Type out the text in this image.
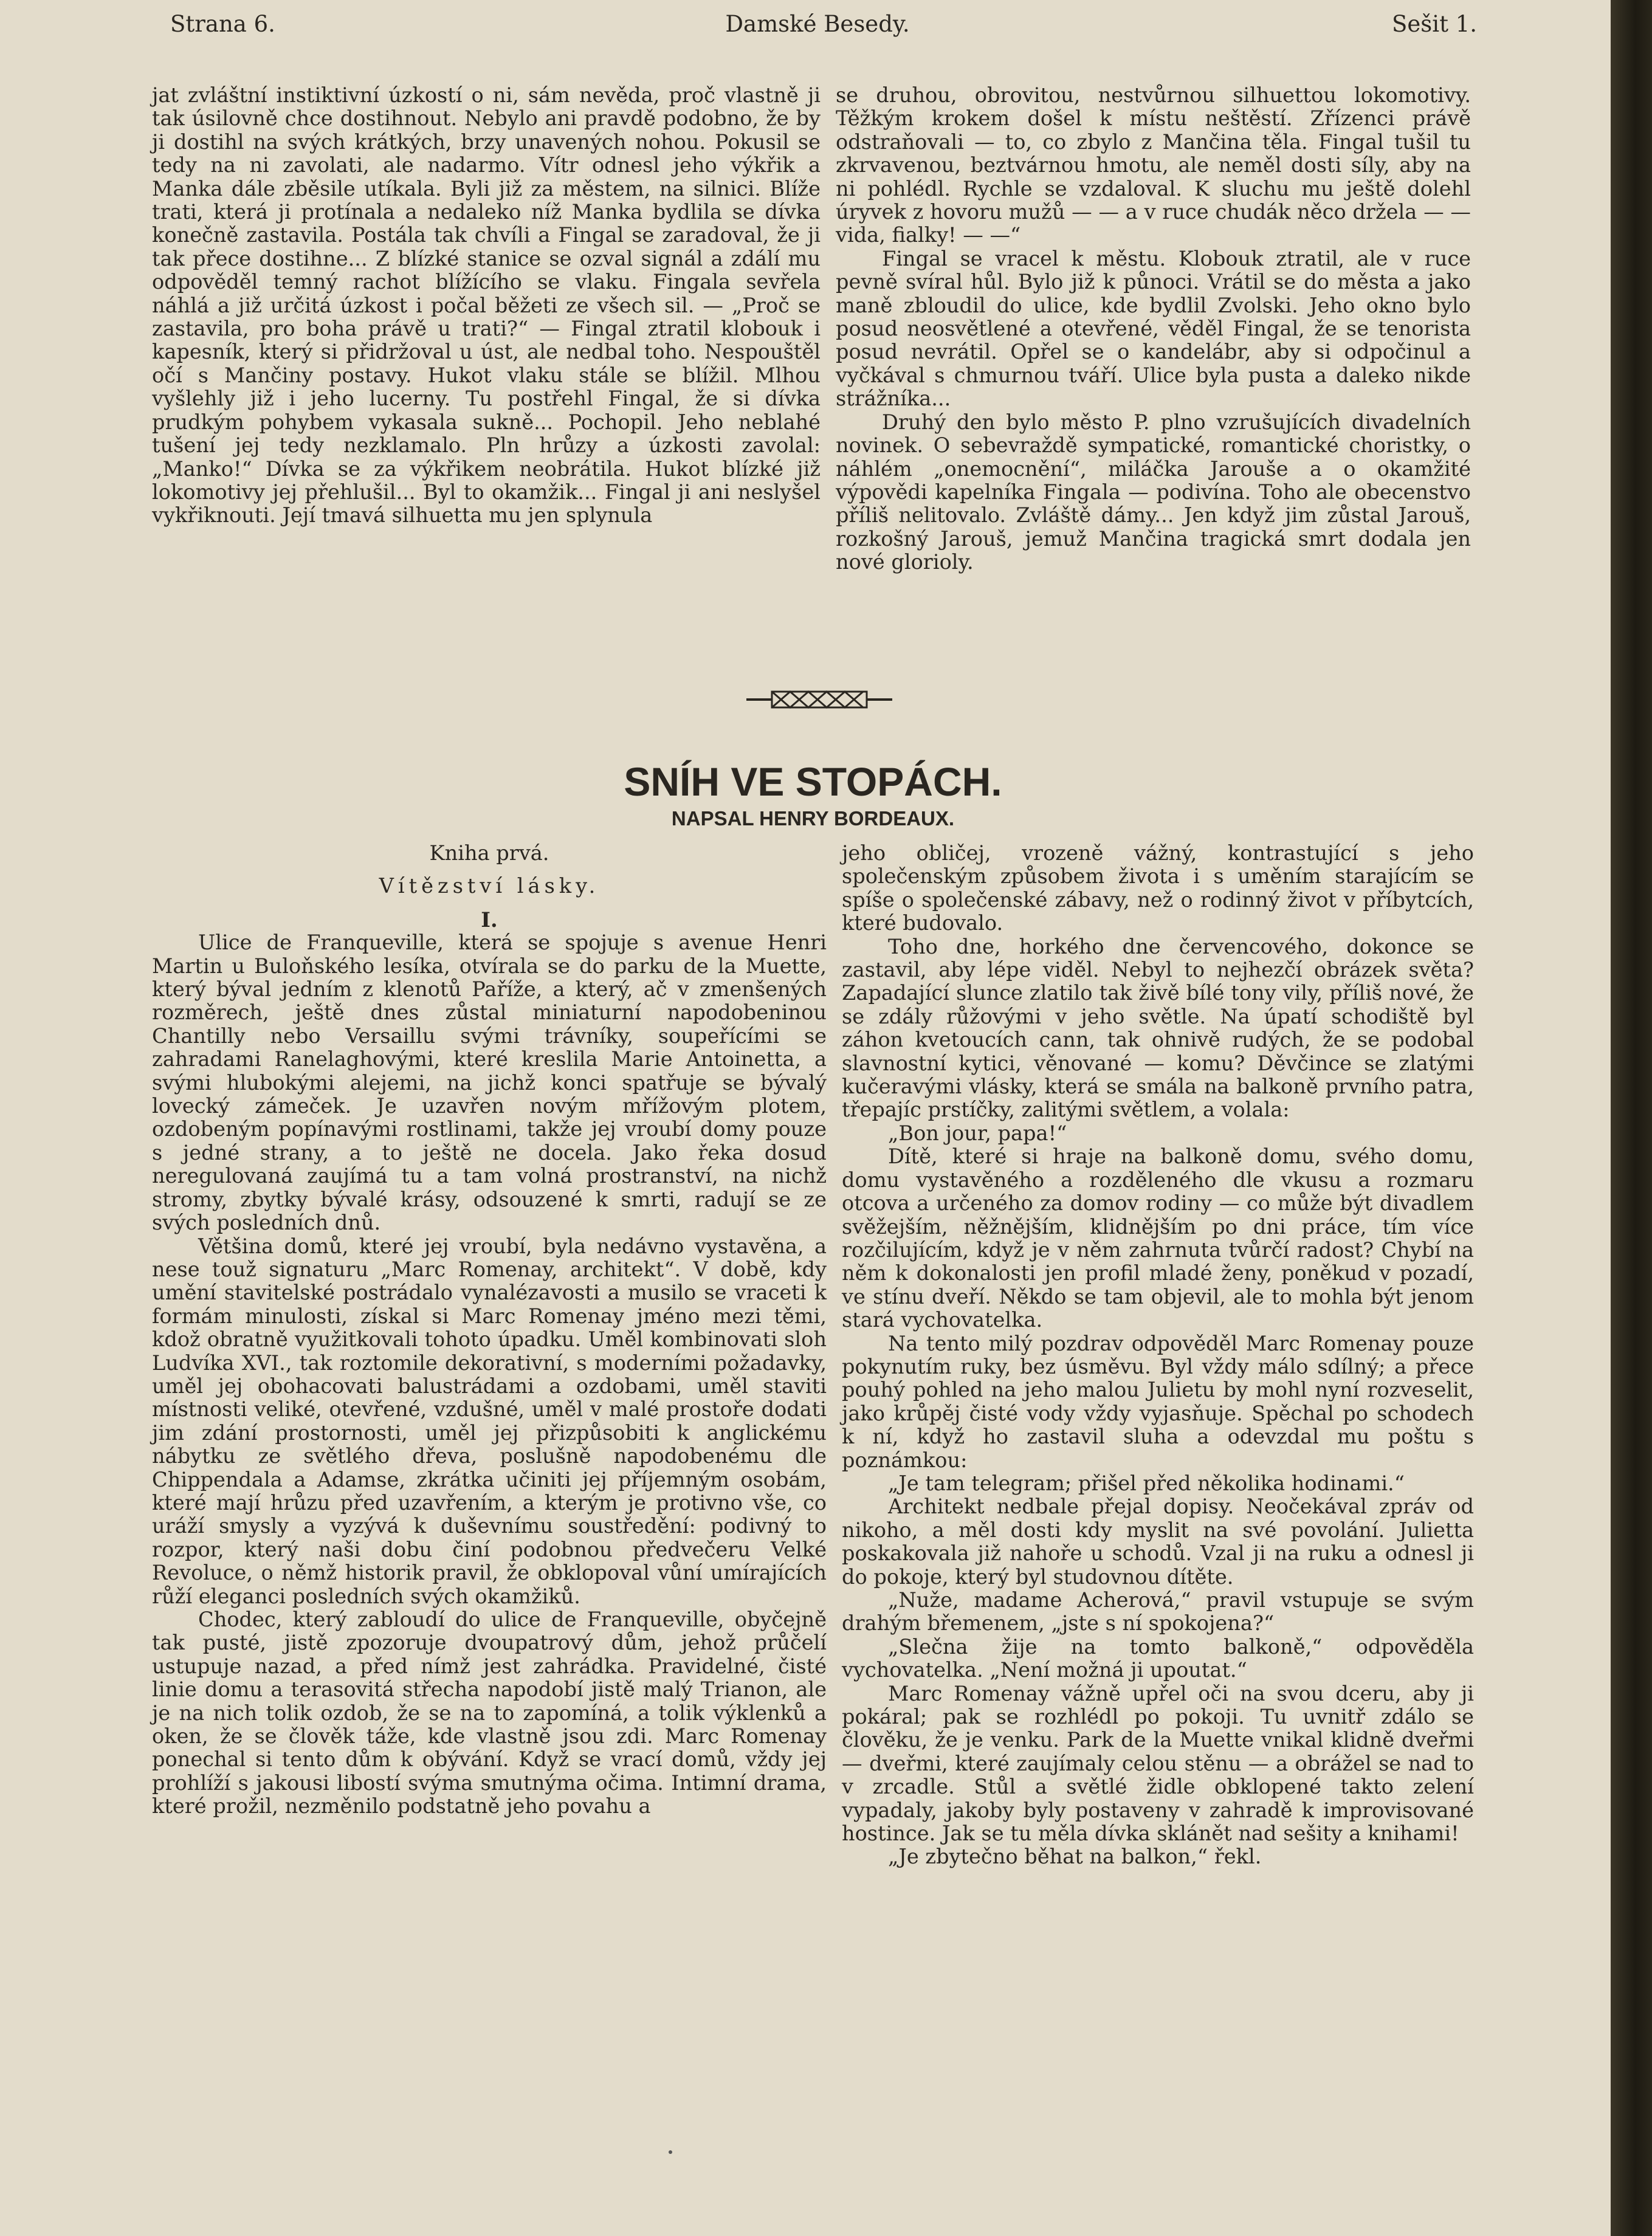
Strana 6.	Damské Besedy.	Sešit 1.

jat zvláštní instiktivní úzkostí o ni, sám nevěda, proč vlastně ji tak úsilovně chce dostihnout. Nebylo ani pravdě podobno, že by ji dostihl na svých krátkých, brzy unavených nohou. Pokusil se tedy na ni zavolati, ale nadarmo. Vítr odnesl jeho výkřik a Manka dále zběsile utíkala. Byli již za městem, na silnici. Blíže trati, která ji protínala a nedaleko níž Manka bydlila se dívka konečně zastavila. Postála tak chvíli a Fingal se zaradoval, že ji tak přece dostihne... Z blízké stanice se ozval signál a zdálí mu odpověděl temný rachot blížícího se vlaku. Fingala sevřela náhlá a již určitá úzkost i počal běžeti ze všech sil. — „Proč se zastavila, pro boha právě u trati?“ — Fingal ztratil klobouk i kapesník, který si přidržoval u úst, ale nedbal toho. Nespouštěl očí s Mančiny postavy. Hukot vlaku stále se blížil. Mlhou vyšlehly již i jeho lucerny. Tu postřehl Fingal, že si dívka prudkým pohybem vykasala sukně... Pochopil. Jeho neblahé tušení jej tedy nezklamalo. Pln hrůzy a úzkosti zavolal: „Manko!“ Dívka se za výkřikem neobrátila. Hukot blízké již lokomotivy jej přehlušil... Byl to okamžik... Fingal ji ani neslyšel vykřiknouti. Její tmavá silhuetta mu jen splynula

se druhou, obrovitou, nestvůrnou silhuettou lokomotivy. Těžkým krokem došel k místu neštěstí. Zřízenci právě odstraňovali — to, co zbylo z Mančina těla. Fingal tušil tu zkrvavenou, beztvárnou hmotu, ale neměl dosti síly, aby na ni pohlédl. Rychle se vzdaloval. K sluchu mu ještě dolehl úryvek z hovoru mužů — — a v ruce chudák něco držela — — vida, fialky! — —“

Fingal se vracel k městu. Klobouk ztratil, ale v ruce pevně svíral hůl. Bylo již k půnoci. Vrátil se do města a jako maně zbloudil do ulice, kde bydlil Zvolski. Jeho okno bylo posud neosvětlené a otevřené, věděl Fingal, že se tenorista posud nevrátil. Opřel se o kandelábr, aby si odpočinul a vyčkával s chmurnou tváří. Ulice byla pusta a daleko nikde strážníka...

Druhý den bylo město P. plno vzrušujících divadelních novinek. O sebevraždě sympatické, romantické choristky, o náhlém „onemocnění“, miláčka Jarouše a o okamžité výpovědi kapelníka Fingala — podivína. Toho ale obecenstvo příliš nelitovalo. Zvláště dámy... Jen když jim zůstal Jarouš, rozkošný Jarouš, jemuž Mančina tragická smrt dodala jen nové glorioly.

SNÍH VE STOPÁCH.
NAPSAL HENRY BORDEAUX.

Kniha prvá.

Vítězství lásky.

I.

Ulice de Franqueville, která se spojuje s avenue Henri Martin u Buloňského lesíka, otvírala se do parku de la Muette, který býval jedním z klenotů Paříže, a který, ač v zmenšených rozměrech, ještě dnes zůstal miniaturní napodobeninou Chantilly nebo Versaillu svými trávníky, soupeřícími se zahradami Ranelaghovými, které kreslila Marie Antoinetta, a svými hlubokými alejemi, na jichž konci spatřuje se bývalý lovecký zámeček. Je uzavřen novým mřížovým plotem, ozdobeným popínavými rostlinami, takže jej vroubí domy pouze s jedné strany, a to ještě ne docela. Jako řeka dosud neregulovaná zaujímá tu a tam volná prostranství, na nichž stromy, zbytky bývalé krásy, odsouzené k smrti, radují se ze svých posledních dnů.

Většina domů, které jej vroubí, byla nedávno vystavěna, a nese touž signaturu „Marc Romenay, architekt“. V době, kdy umění stavitelské postrádalo vynalézavosti a musilo se vraceti k formám minulosti, získal si Marc Romenay jméno mezi těmi, kdož obratně využitkovali tohoto úpadku. Uměl kombinovati sloh Ludvíka XVI., tak roztomile dekorativní, s moderními požadavky, uměl jej obohacovati balustrádami a ozdobami, uměl staviti místnosti veliké, otevřené, vzdušné, uměl v malé prostoře dodati jim zdání prostornosti, uměl jej přizpůsobiti k anglickému nábytku ze světlého dřeva, poslušně napodobenému dle Chippendala a Adamse, zkrátka učiniti jej příjemným osobám, které mají hrůzu před uzavřením, a kterým je protivno vše, co uráží smysly a vyzývá k duševnímu soustředění: podivný to rozpor, který naši dobu činí podobnou předvečeru Velké Revoluce, o němž historik pravil, že obklopoval vůní umírajících růží eleganci posledních svých okamžiků.

Chodec, který zabloudí do ulice de Franqueville, obyčejně tak pusté, jistě zpozoruje dvoupatrový dům, jehož průčelí ustupuje nazad, a před nímž jest zahrádka. Pravidelné, čisté linie domu a terasovitá střecha napodobí jistě malý Trianon, ale je na nich tolik ozdob, že se na to zapomíná, a tolik výklenků a oken, že se člověk táže, kde vlastně jsou zdi. Marc Romenay ponechal si tento dům k obývání. Když se vrací domů, vždy jej prohlíží s jakousi libostí svýma smutnýma očima. Intimní drama, které prožil, nezměnilo podstatně jeho povahu a

jeho obličej, vrozeně vážný, kontrastující s jeho společenským způsobem života i s uměním starajícím se spíše o společenské zábavy, než o rodinný život v příbytcích, které budovalo.

Toho dne, horkého dne červencového, dokonce se zastavil, aby lépe viděl. Nebyl to nejhezčí obrázek světa? Zapadající slunce zlatilo tak živě bílé tony vily, příliš nové, že se zdály růžovými v jeho světle. Na úpatí schodiště byl záhon kvetoucích cann, tak ohnivě rudých, že se podobal slavnostní kytici, věnované — komu? Děvčince se zlatými kučeravými vlásky, která se smála na balkoně prvního patra, třepajíc prstíčky, zalitými světlem, a volala:

„Bon jour, papa!“

Dítě, které si hraje na balkoně domu, svého domu, domu vystavěného a rozděleného dle vkusu a rozmaru otcova a určeného za domov rodiny — co může být divadlem svěžejším, něžnějším, klidnějším po dni práce, tím více rozčilujícím, když je v něm zahrnuta tvůrčí radost? Chybí na něm k dokonalosti jen profil mladé ženy, poněkud v pozadí, ve stínu dveří. Někdo se tam objevil, ale to mohla být jenom stará vychovatelka.

Na tento milý pozdrav odpověděl Marc Romenay pouze pokynutím ruky, bez úsměvu. Byl vždy málo sdílný; a přece pouhý pohled na jeho malou Julietu by mohl nyní rozveselit, jako krůpěj čisté vody vždy vyjasňuje. Spěchal po schodech k ní, když ho zastavil sluha a odevzdal mu poštu s poznámkou:

„Je tam telegram; přišel před několika hodinami.“

Architekt nedbale přejal dopisy. Neočekával zpráv od nikoho, a měl dosti kdy myslit na své povolání. Julietta poskakovala již nahoře u schodů. Vzal ji na ruku a odnesl ji do pokoje, který byl studovnou dítěte.

„Nuže, madame Acherová,“ pravil vstupuje se svým drahým břemenem, „jste s ní spokojena?“

„Slečna žije na tomto balkoně,“ odpověděla vychovatelka. „Není možná ji upoutat.“

Marc Romenay vážně upřel oči na svou dceru, aby ji pokáral; pak se rozhlédl po pokoji. Tu uvnitř zdálo se člověku, že je venku. Park de la Muette vnikal klidně dveřmi — dveřmi, které zaujímaly celou stěnu — a obrážel se nad to v zrcadle. Stůl a světlé židle obklopené takto zelení vypadaly, jakoby byly postaveny v zahradě k improvisované hostince. Jak se tu měla dívka sklánět nad sešity a knihami!

„Je zbytečno běhat na balkon,“ řekl.
